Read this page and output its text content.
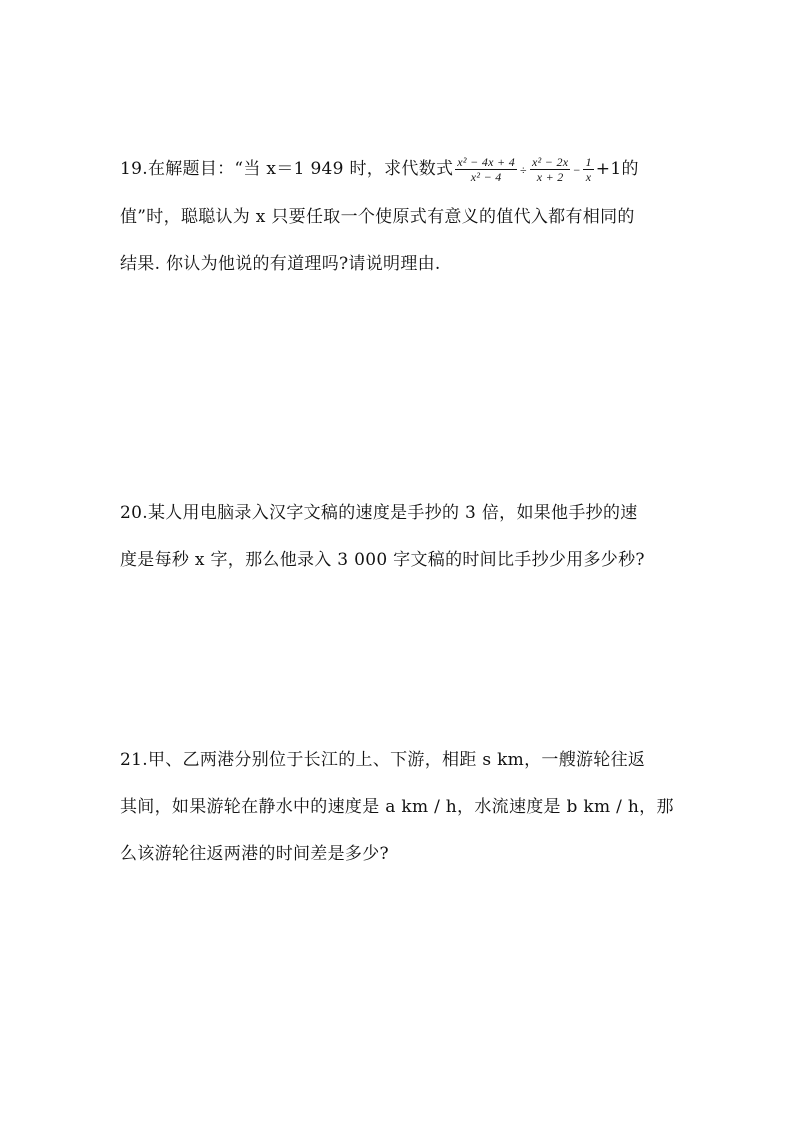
19.在解题目：“当 x＝1 949 时，求代数式 $\frac{\text{x² − 4x + 4}}{\text{x² − 4}} \div \frac{\text{x² − 2x}}{x + 2} - \frac{1}{x} +1$的
值”时，聪聪认为 x 只要任取一个使原式有意义的值代入都有相同的
结果. 你认为他说的有道理吗?请说明理由.
20.某人用电脑录入汉字文稿的速度是手抄的 3 倍，如果他手抄的速
度是每秒 x 字，那么他录入 3 000 字文稿的时间比手抄少用多少秒?
21.甲、乙两港分别位于长江的上、下游，相距 s km，一艘游轮往返
其间，如果游轮在静水中的速度是 a km / h，水流速度是 b km / h，那
么该游轮往返两港的时间差是多少?
